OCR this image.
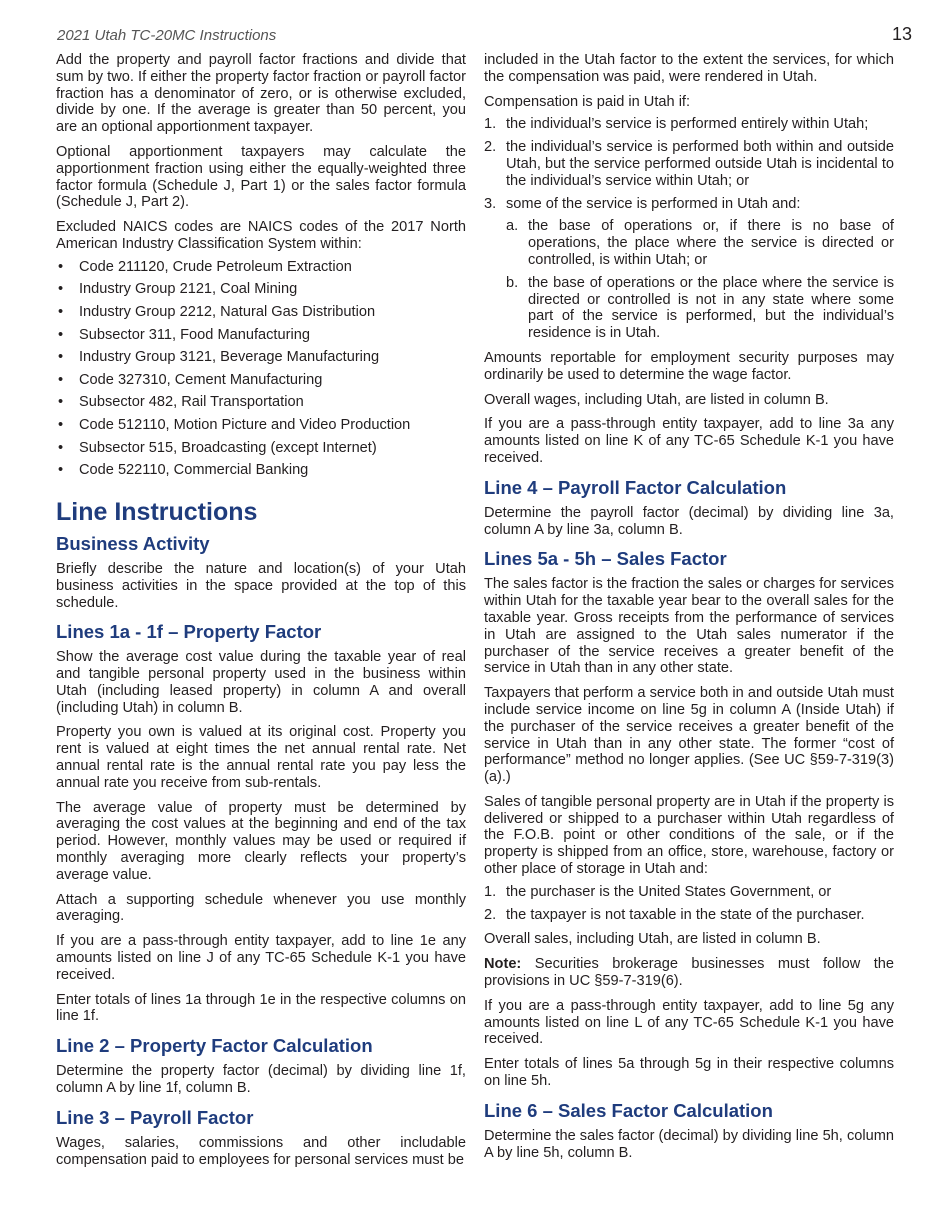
2021 Utah TC-20MC Instructions	13

Add the property and payroll factor fractions and divide that sum by two. If either the property factor fraction or payroll factor fraction has a denominator of zero, or is otherwise excluded, divide by one. If the average is greater than 50 percent, you are an optional apportionment taxpayer.

Optional apportionment taxpayers may calculate the apportionment fraction using either the equally-weighted three factor formula (Schedule J, Part 1) or the sales factor formula (Schedule J, Part 2).

Excluded NAICS codes are NAICS codes of the 2017 North American Industry Classification System within:

• Code 211120, Crude Petroleum Extraction
• Industry Group 2121, Coal Mining
• Industry Group 2212, Natural Gas Distribution
• Subsector 311, Food Manufacturing
• Industry Group 3121, Beverage Manufacturing
• Code 327310, Cement Manufacturing
• Subsector 482, Rail Transportation
• Code 512110, Motion Picture and Video Production
• Subsector 515, Broadcasting (except Internet)
• Code 522110, Commercial Banking
Line Instructions
Business Activity

Briefly describe the nature and location(s) of your Utah business activities in the space provided at the top of this schedule.

Lines 1a - 1f – Property Factor

Show the average cost value during the taxable year of real and tangible personal property used in the business within Utah (including leased property) in column A and overall (including Utah) in column B.

Property you own is valued at its original cost. Property you rent is valued at eight times the net annual rental rate. Net annual rental rate is the annual rental rate you pay less the annual rate you receive from sub-rentals.

The average value of property must be determined by averaging the cost values at the beginning and end of the tax period. However, monthly values may be used or required if monthly averaging more clearly reflects your property’s average value.

Attach a supporting schedule whenever you use monthly averaging.

If you are a pass-through entity taxpayer, add to line 1e any amounts listed on line J of any TC-65 Schedule K-1 you have received.

Enter totals of lines 1a through 1e in the respective columns on line 1f.

Line 2 – Property Factor Calculation

Determine the property factor (decimal) by dividing line 1f, column A by line 1f, column B.

Line 3 – Payroll Factor

Wages, salaries, commissions and other includable compensation paid to employees for personal services must be

included in the Utah factor to the extent the services, for which the compensation was paid, were rendered in Utah.

Compensation is paid in Utah if:

1. the individual’s service is performed entirely within Utah;
2. the individual’s service is performed both within and outside Utah, but the service performed outside Utah is incidental to the individual’s service within Utah; or
3. some of the service is performed in Utah and:
a. the base of operations or, if there is no base of operations, the place where the service is directed or controlled, is within Utah; or
b. the base of operations or the place where the service is directed or controlled is not in any state where some part of the service is performed, but the individual’s residence is in Utah.

Amounts reportable for employment security purposes may ordinarily be used to determine the wage factor.

Overall wages, including Utah, are listed in column B.

If you are a pass-through entity taxpayer, add to line 3a any amounts listed on line K of any TC-65 Schedule K-1 you have received.

Line 4 – Payroll Factor Calculation

Determine the payroll factor (decimal) by dividing line 3a, column A by line 3a, column B.

Lines 5a - 5h – Sales Factor

The sales factor is the fraction the sales or charges for services within Utah for the taxable year bear to the overall sales for the taxable year. Gross receipts from the performance of services in Utah are assigned to the Utah sales numerator if the purchaser of the service receives a greater benefit of the service in Utah than in any other state.

Taxpayers that perform a service both in and outside Utah must include service income on line 5g in column A (Inside Utah) if the purchaser of the service receives a greater benefit of the service in Utah than in any other state. The former “cost of performance” method no longer applies. (See UC §59-7-319(3)(a).)

Sales of tangible personal property are in Utah if the property is delivered or shipped to a purchaser within Utah regardless of the F.O.B. point or other conditions of the sale, or if the property is shipped from an office, store, warehouse, factory or other place of storage in Utah and:

1. the purchaser is the United States Government, or
2. the taxpayer is not taxable in the state of the purchaser.

Overall sales, including Utah, are listed in column B.

Note: Securities brokerage businesses must follow the provisions in UC §59-7-319(6).

If you are a pass-through entity taxpayer, add to line 5g any amounts listed on line L of any TC-65 Schedule K-1 you have received.

Enter totals of lines 5a through 5g in their respective columns on line 5h.

Line 6 – Sales Factor Calculation

Determine the sales factor (decimal) by dividing line 5h, column A by line 5h, column B.
